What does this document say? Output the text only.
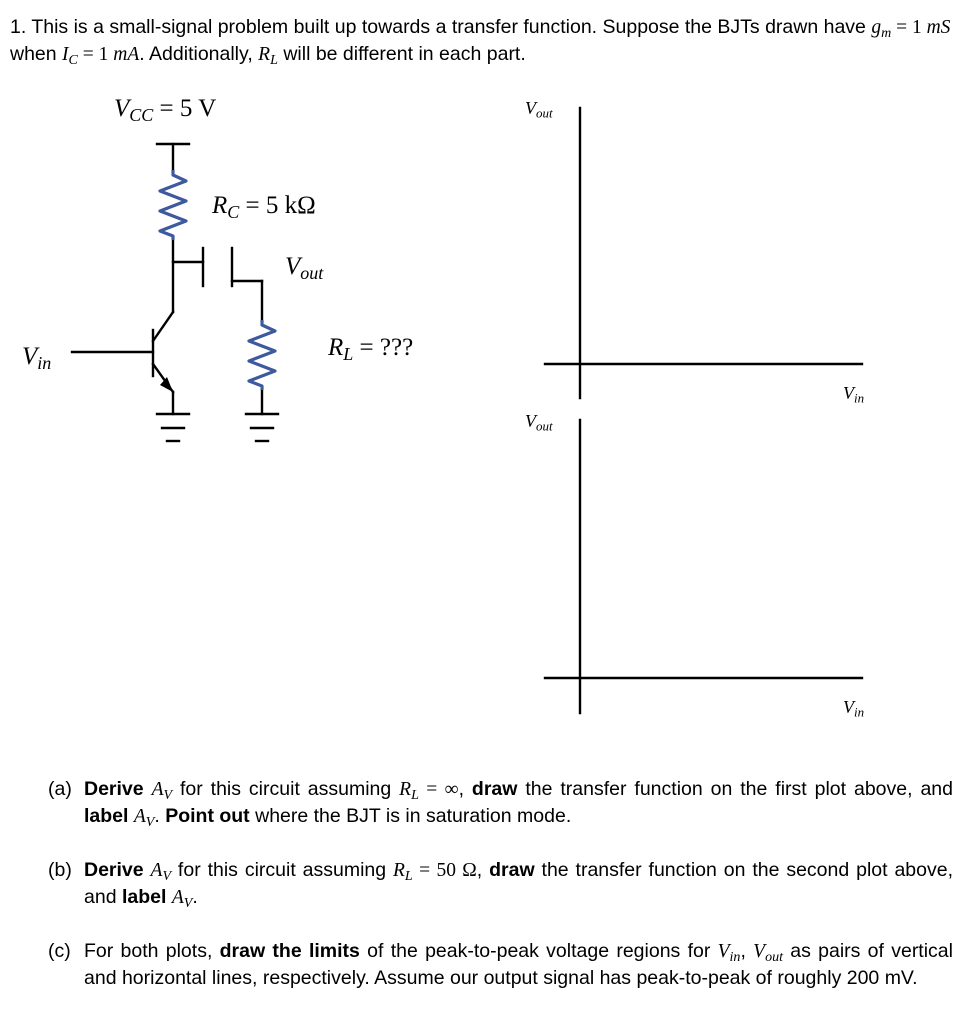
1. This is a small-signal problem built up towards a transfer function. Suppose the BJTs drawn have $g_m = 1$ mS when $I_C = 1$ mA. Additionally, $R_L$ will be different in each part.
$V_{CC} = 5$ V
$R_C = 5$ kΩ
$V_{out}$
$R_L$ = ???
$V_{in}$
$V_{out}$
$V_{in}$
$V_{out}$
$V_{in}$
(a) Derive $A_V$ for this circuit assuming $R_L$ = ∞, draw the transfer function on the first plot above, and label $A_V$. Point out where the BJT is in saturation mode.
(b) Derive $A_V$ for this circuit assuming $R_L = 50$ Ω, draw the transfer function on the second plot above, and label $A_V$.
(c) For both plots, draw the limits of the peak-to-peak voltage regions for $V_{in}$, $V_{out}$ as pairs of vertical and horizontal lines, respectively. Assume our output signal has peak-to-peak of roughly 200 mV.
